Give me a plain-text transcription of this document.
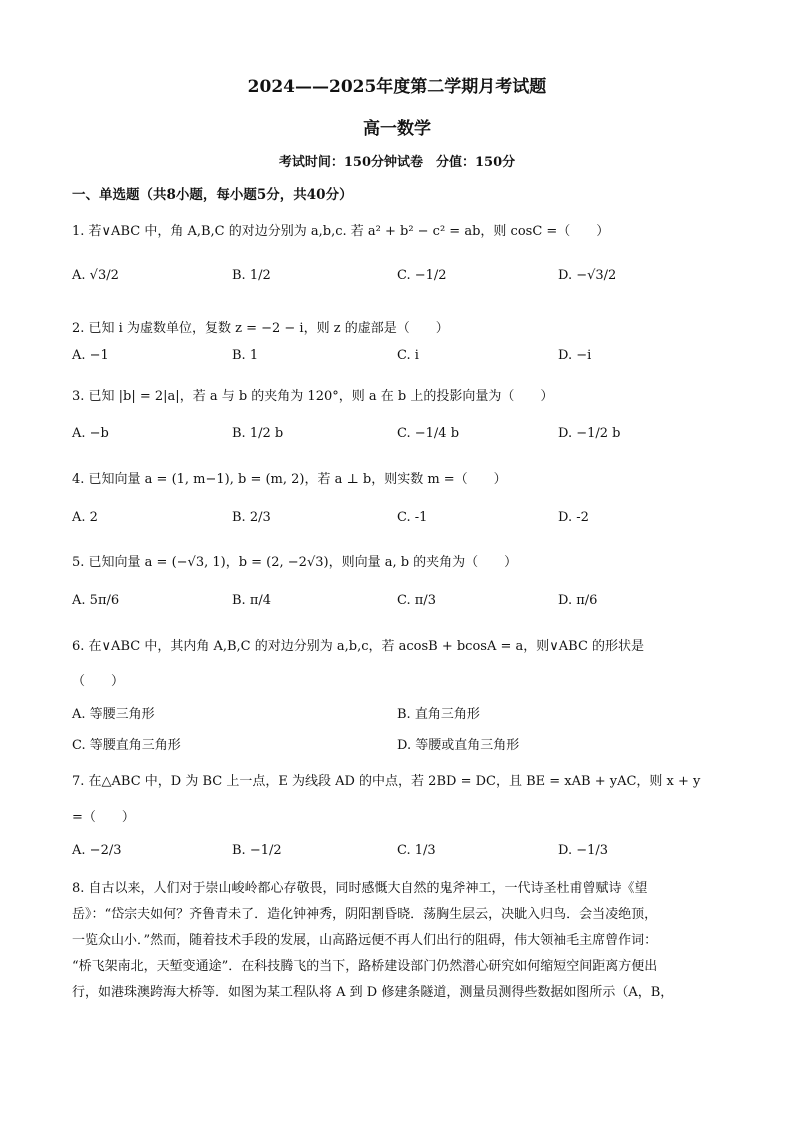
2024——2025年度第二学期月考试题
高一数学
考试时间：150分钟试卷　分值：150分
一、单选题（共8小题，每小题5分，共40分）
1. 若∨ABC 中，角 A,B,C 的对边分别为 a,b,c. 若 a² + b² − c² = ab，则 cosC =（　　）
A. √3/2	B. 1/2	C. −1/2	D. −√3/2
2. 已知 i 为虚数单位，复数 z = −2 − i，则 z 的虚部是（　　）
A. −1	B. 1	C. i	D. −i
3. 已知 |b| = 2|a|，若 a 与 b 的夹角为 120°，则 a 在 b 上的投影向量为（　　）
A. −b	B. 1/2 b	C. −1/4 b	D. −1/2 b
4. 已知向量 a = (1, m−1), b = (m, 2)，若 a ⊥ b，则实数 m =（　　）
A. 2	B. 2/3	C. -1	D. -2
5. 已知向量 a = (−√3, 1)，b = (2, −2√3)，则向量 a, b 的夹角为（　　）
A. 5π/6	B. π/4	C. π/3	D. π/6
6. 在∨ABC 中，其内角 A,B,C 的对边分别为 a,b,c，若 acosB + bcosA = a，则∨ABC 的形状是
（　　）
A. 等腰三角形	B. 直角三角形
C. 等腰直角三角形	D. 等腰或直角三角形
7. 在△ABC 中，D 为 BC 上一点，E 为线段 AD 的中点，若 2BD = DC，且 BE = xAB + yAC，则 x + y
=（　　）
A. −2/3	B. −1/2	C. 1/3	D. −1/3
8. 自古以来，人们对于崇山峻岭都心存敬畏，同时感慨大自然的鬼斧神工，一代诗圣杜甫曾赋诗《望
岳》：“岱宗夫如何？齐鲁青未了．造化钟神秀，阴阳割昏晓．荡胸生层云，决眦入归鸟．会当凌绝顶，
一览众山小．”然而，随着技术手段的发展，山高路远便不再人们出行的阻碍，伟大领袖毛主席曾作词：
“桥飞架南北，天堑变通途”．在科技腾飞的当下，路桥建设部门仍然潜心研究如何缩短空间距离方便出
行，如港珠澳跨海大桥等．如图为某工程队将 A 到 D 修建条隧道，测量员测得些数据如图所示（A，B，
